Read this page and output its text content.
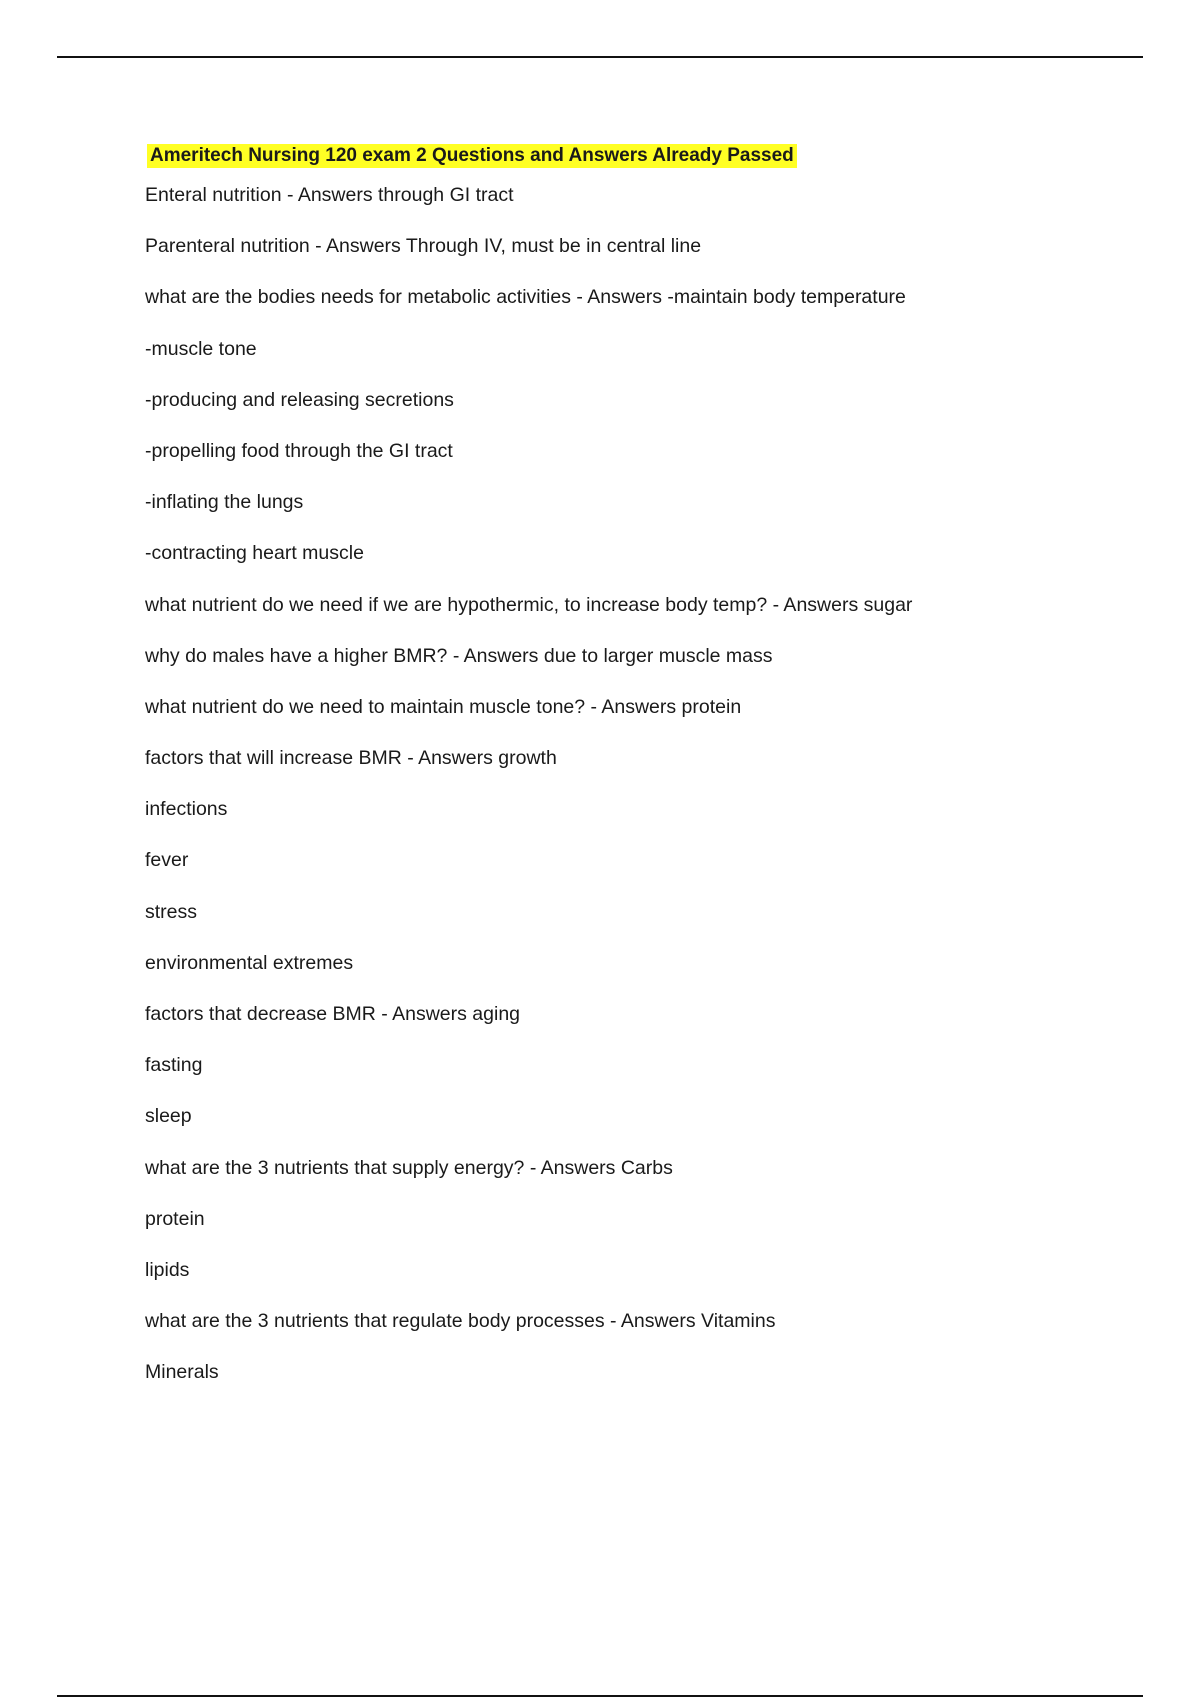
Ameritech Nursing 120 exam 2 Questions and Answers Already Passed
Enteral nutrition - Answers through GI tract
Parenteral nutrition - Answers Through IV, must be in central line
what are the bodies needs for metabolic activities - Answers -maintain body temperature
-muscle tone
-producing and releasing secretions
-propelling food through the GI tract
-inflating the lungs
-contracting heart muscle
what nutrient do we need if we are hypothermic, to increase body temp? - Answers sugar
why do males have a higher BMR? - Answers due to larger muscle mass
what nutrient do we need to maintain muscle tone? - Answers protein
factors that will increase BMR - Answers growth
infections
fever
stress
environmental extremes
factors that decrease BMR - Answers aging
fasting
sleep
what are the 3 nutrients that supply energy? - Answers Carbs
protein
lipids
what are the 3 nutrients that regulate body processes - Answers Vitamins
Minerals
